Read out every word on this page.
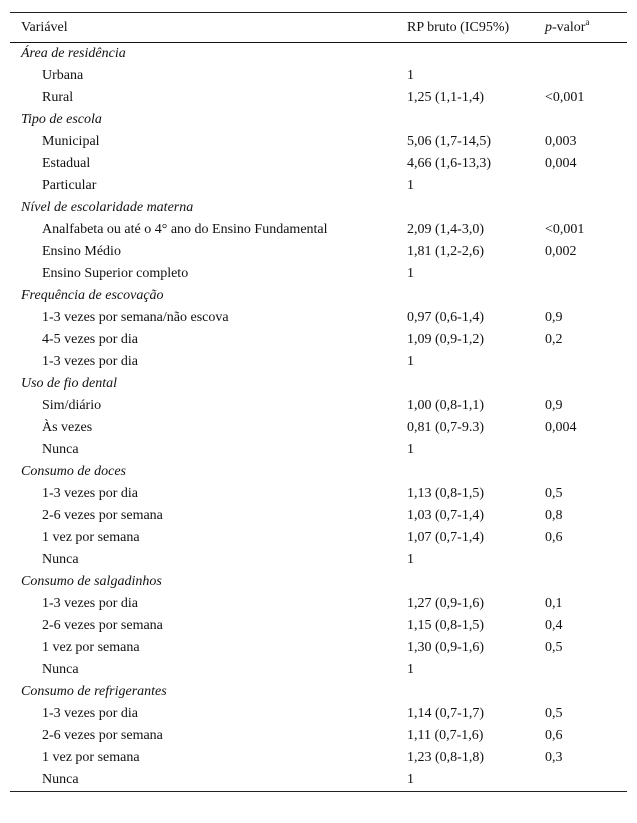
Variável	RP bruto (IC95%)	p-valor$^a$
Área de residência		
Urbana	1	
Rural	1,25 (1,1-1,4)	<0,001
Tipo de escola		
Municipal	5,06 (1,7-14,5)	0,003
Estadual	4,66 (1,6-13,3)	0,004
Particular	1	
Nível de escolaridade materna		
Analfabeta ou até o 4° ano do Ensino Fundamental	2,09 (1,4-3,0)	<0,001
Ensino Médio	1,81 (1,2-2,6)	0,002
Ensino Superior completo	1	
Frequência de escovação		
1-3 vezes por semana/não escova	0,97 (0,6-1,4)	0,9
4-5 vezes por dia	1,09 (0,9-1,2)	0,2
1-3 vezes por dia	1	
Uso de fio dental		
Sim/diário	1,00 (0,8-1,1)	0,9
Às vezes	0,81 (0,7-9.3)	0,004
Nunca	1	
Consumo de doces		
1-3 vezes por dia	1,13 (0,8-1,5)	0,5
2-6 vezes por semana	1,03 (0,7-1,4)	0,8
1 vez por semana	1,07 (0,7-1,4)	0,6
Nunca	1	
Consumo de salgadinhos		
1-3 vezes por dia	1,27 (0,9-1,6)	0,1
2-6 vezes por semana	1,15 (0,8-1,5)	0,4
1 vez por semana	1,30 (0,9-1,6)	0,5
Nunca	1	
Consumo de refrigerantes		
1-3 vezes por dia	1,14 (0,7-1,7)	0,5
2-6 vezes por semana	1,11 (0,7-1,6)	0,6
1 vez por semana	1,23 (0,8-1,8)	0,3
Nunca	1	
